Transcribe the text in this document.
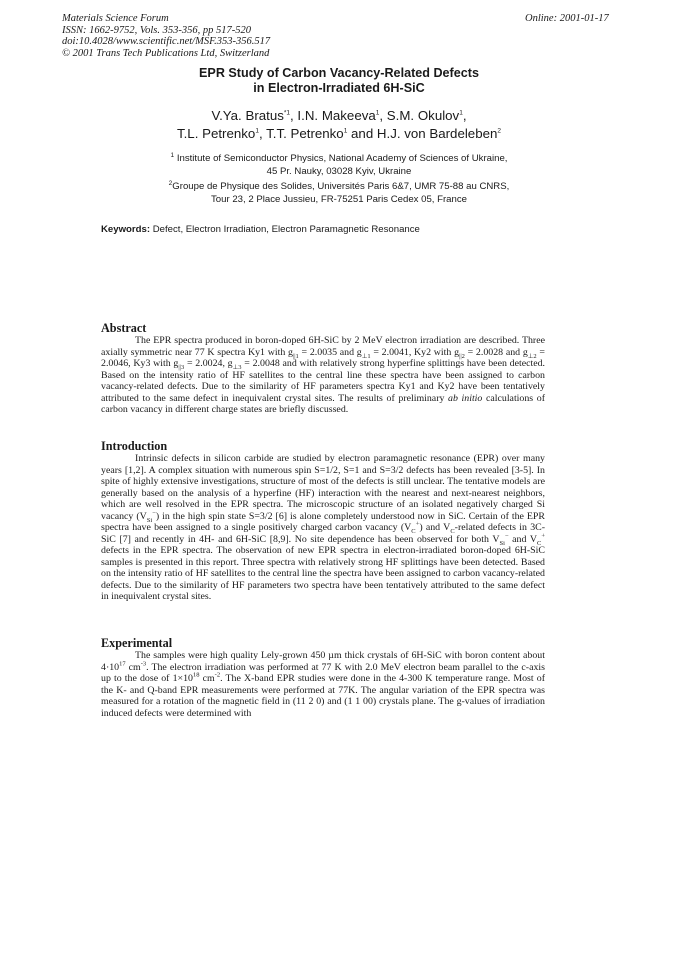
Materials Science Forum
ISSN: 1662-9752, Vols. 353-356, pp 517-520
doi:10.4028/www.scientific.net/MSF.353-356.517
© 2001 Trans Tech Publications Ltd, Switzerland
Online: 2001-01-17
EPR Study of Carbon Vacancy-Related Defects
in Electron-Irradiated 6H-SiC
V.Ya. Bratus$^{*1}$, I.N. Makeeva$^1$, S.M. Okulov$^1$,
T.L. Petrenko$^1$, T.T. Petrenko$^1$ and H.J. von Bardeleben$^2$
$^1$ Institute of Semiconductor Physics, National Academy of Sciences of Ukraine,
45 Pr. Nauky, 03028 Kyiv, Ukraine
$^2$Groupe de Physique des Solides, Universités Paris 6&7, UMR 75-88 au CNRS,
Tour 23, 2 Place Jussieu, FR-75251 Paris Cedex 05, France
Keywords: Defect, Electron Irradiation, Electron Paramagnetic Resonance
Abstract

The EPR spectra produced in boron-doped 6H-SiC by 2 MeV electron irradiation are described. Three axially symmetric near 77 K spectra Ky1 with $g_{||1} = 2.0035$ and $g_{\perp 1} = 2.0041$, Ky2 with $g_{||2} = 2.0028$ and $g_{\perp 2} = 2.0046$, Ky3 with $g_{||3} = 2.0024$, $g_{\perp 3} = 2.0048$ and with relatively strong hyperfine splittings have been detected. Based on the intensity ratio of HF satellites to the central line these spectra have been assigned to carbon vacancy-related defects. Due to the similarity of HF parameters spectra Ky1 and Ky2 have been tentatively attributed to the same defect in inequivalent crystal sites. The results of preliminary ab initio calculations of carbon vacancy in different charge states are briefly discussed.

Introduction

Intrinsic defects in silicon carbide are studied by electron paramagnetic resonance (EPR) over many years [1,2]. A complex situation with numerous spin S=1/2, S=1 and S=3/2 defects has been revealed [3-5]. In spite of highly extensive investigations, structure of most of the defects is still unclear. The tentative models are generally based on the analysis of a hyperfine (HF) interaction with the nearest and next-nearest neighbors, which are well resolved in the EPR spectra. The microscopic structure of an isolated negatively charged Si vacancy $(V_{Si}^-)$ in the high spin state S=3/2 [6] is alone completely understood now in SiC. Certain of the EPR spectra have been assigned to a single positively charged carbon vacancy $(V_C^+)$ and $V_C$-related defects in 3C-SiC [7] and recently in 4H- and 6H-SiC [8,9]. No site dependence has been observed for both $V_{Si}^-$ and $V_C^+$ defects in the EPR spectra. The observation of new EPR spectra in electron-irradiated boron-doped 6H-SiC samples is presented in this report. Three spectra with relatively strong HF splittings have been detected. Based on the intensity ratio of HF satellites to the central line the spectra have been assigned to carbon vacancy-related defects. Due to the similarity of HF parameters two spectra have been tentatively attributed to the same defect in inequivalent crystal sites.

Experimental

The samples were high quality Lely-grown 450 µm thick crystals of 6H-SiC with boron content about $4\cdot 10^{17}$ $cm^{-3}$. The electron irradiation was performed at 77 K with 2.0 MeV electron beam parallel to the c-axis up to the dose of $1\times 10^{18}$ $cm^{-2}$. The X-band EPR studies were done in the 4-300 K temperature range. Most of the K- and Q-band EPR measurements were performed at 77K. The angular variation of the EPR spectra was measured for a rotation of the magnetic field in (11 2 0) and (1 1 00) crystals plane. The g-values of irradiation induced defects were determined with
